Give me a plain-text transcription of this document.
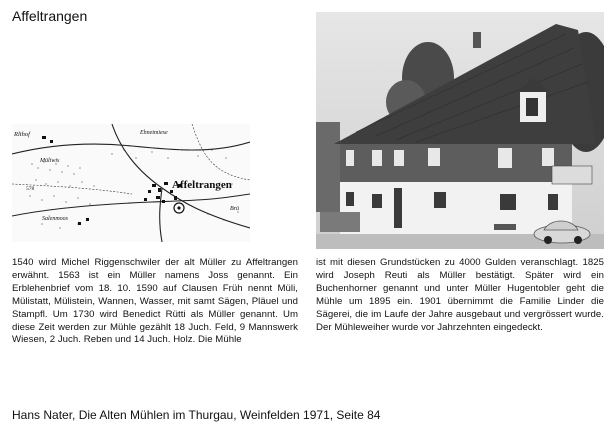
Affeltrangen
Affeltrangen
Rlthof
Müliwis
Salenmoos
Ehnetmiese
Brü
578
1540 wird Michel Riggenschwiler der alt Müller zu Affeltrangen erwähnt. 1563 ist ein Müller namens Joss genannt. Ein Erblehenbrief vom 18. 10. 1590 auf Clausen Früh nennt Müli, Mülistatt, Mülistein, Wannen, Wasser, mit samt Sägen, Pläuel und Stampfl. Um 1730 wird Benedict Rütti als Müller genannt. Um diese Zeit werden zur Mühle gezählt 18 Juch. Feld, 9 Mannswerk Wiesen, 2 Juch. Reben und 14 Juch. Holz. Die Mühle
ist mit diesen Grundstücken zu 4000 Gulden veranschlagt. 1825 wird Joseph Reuti als Müller bestätigt. Später wird ein Buchenhorner genannt und unter Müller Hugentobler geht die Mühle um 1895 ein. 1901 übernimmt die Familie Linder die Sägerei, die im Laufe der Jahre ausgebaut und vergrössert wurde. Der Mühleweiher wurde vor Jahrzehnten eingedeckt.
Hans Nater, Die Alten Mühlen im Thurgau, Weinfelden 1971, Seite 84
